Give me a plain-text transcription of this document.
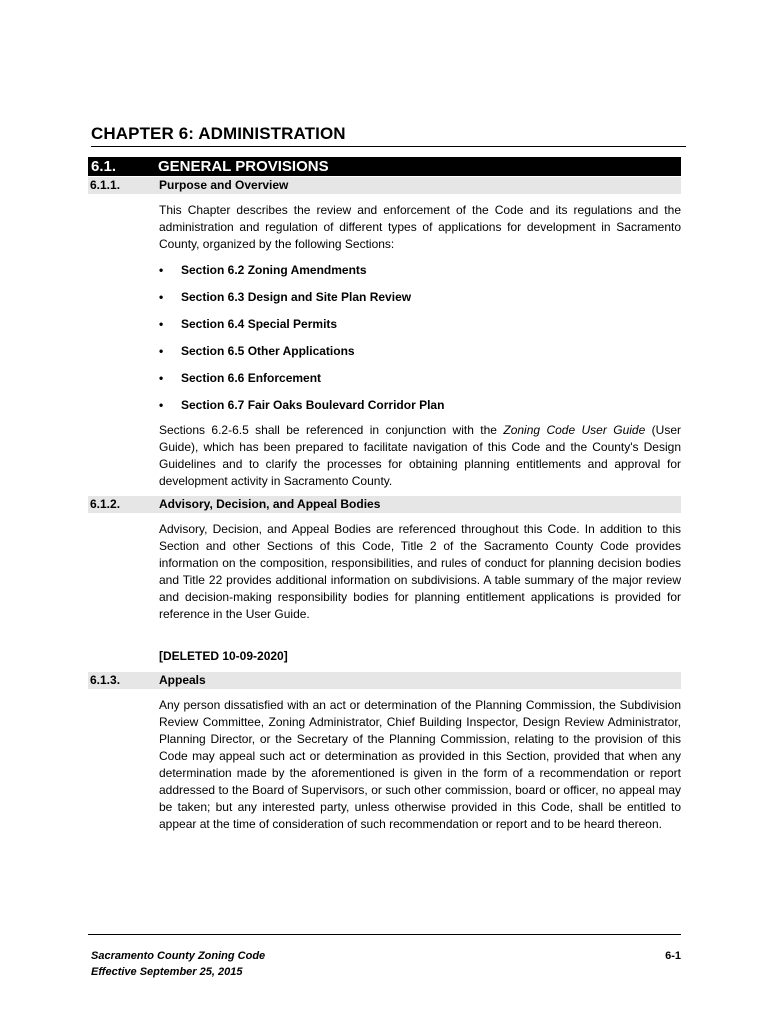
CHAPTER 6: ADMINISTRATION
6.1.	GENERAL PROVISIONS
6.1.1.	Purpose and Overview

This Chapter describes the review and enforcement of the Code and its regulations and the administration and regulation of different types of applications for development in Sacramento County, organized by the following Sections:

• Section 6.2 Zoning Amendments
• Section 6.3 Design and Site Plan Review
• Section 6.4 Special Permits
• Section 6.5 Other Applications
• Section 6.6 Enforcement
• Section 6.7 Fair Oaks Boulevard Corridor Plan

Sections 6.2-6.5 shall be referenced in conjunction with the Zoning Code User Guide (User Guide), which has been prepared to facilitate navigation of this Code and the County's Design Guidelines and to clarify the processes for obtaining planning entitlements and approval for development activity in Sacramento County.

6.1.2.	Advisory, Decision, and Appeal Bodies

Advisory, Decision, and Appeal Bodies are referenced throughout this Code. In addition to this Section and other Sections of this Code, Title 2 of the Sacramento County Code provides information on the composition, responsibilities, and rules of conduct for planning decision bodies and Title 22 provides additional information on subdivisions. A table summary of the major review and decision-making responsibility bodies for planning entitlement applications is provided for reference in the User Guide.

[DELETED 10-09-2020]
6.1.3.	Appeals

Any person dissatisfied with an act or determination of the Planning Commission, the Subdivision Review Committee, Zoning Administrator, Chief Building Inspector, Design Review Administrator, Planning Director, or the Secretary of the Planning Commission, relating to the provision of this Code may appeal such act or determination as provided in this Section, provided that when any determination made by the aforementioned is given in the form of a recommendation or report addressed to the Board of Supervisors, or such other commission, board or officer, no appeal may be taken; but any interested party, unless otherwise provided in this Code, shall be entitled to appear at the time of consideration of such recommendation or report and to be heard thereon.

Sacramento County Zoning Code
Effective September 25, 2015
6-1
